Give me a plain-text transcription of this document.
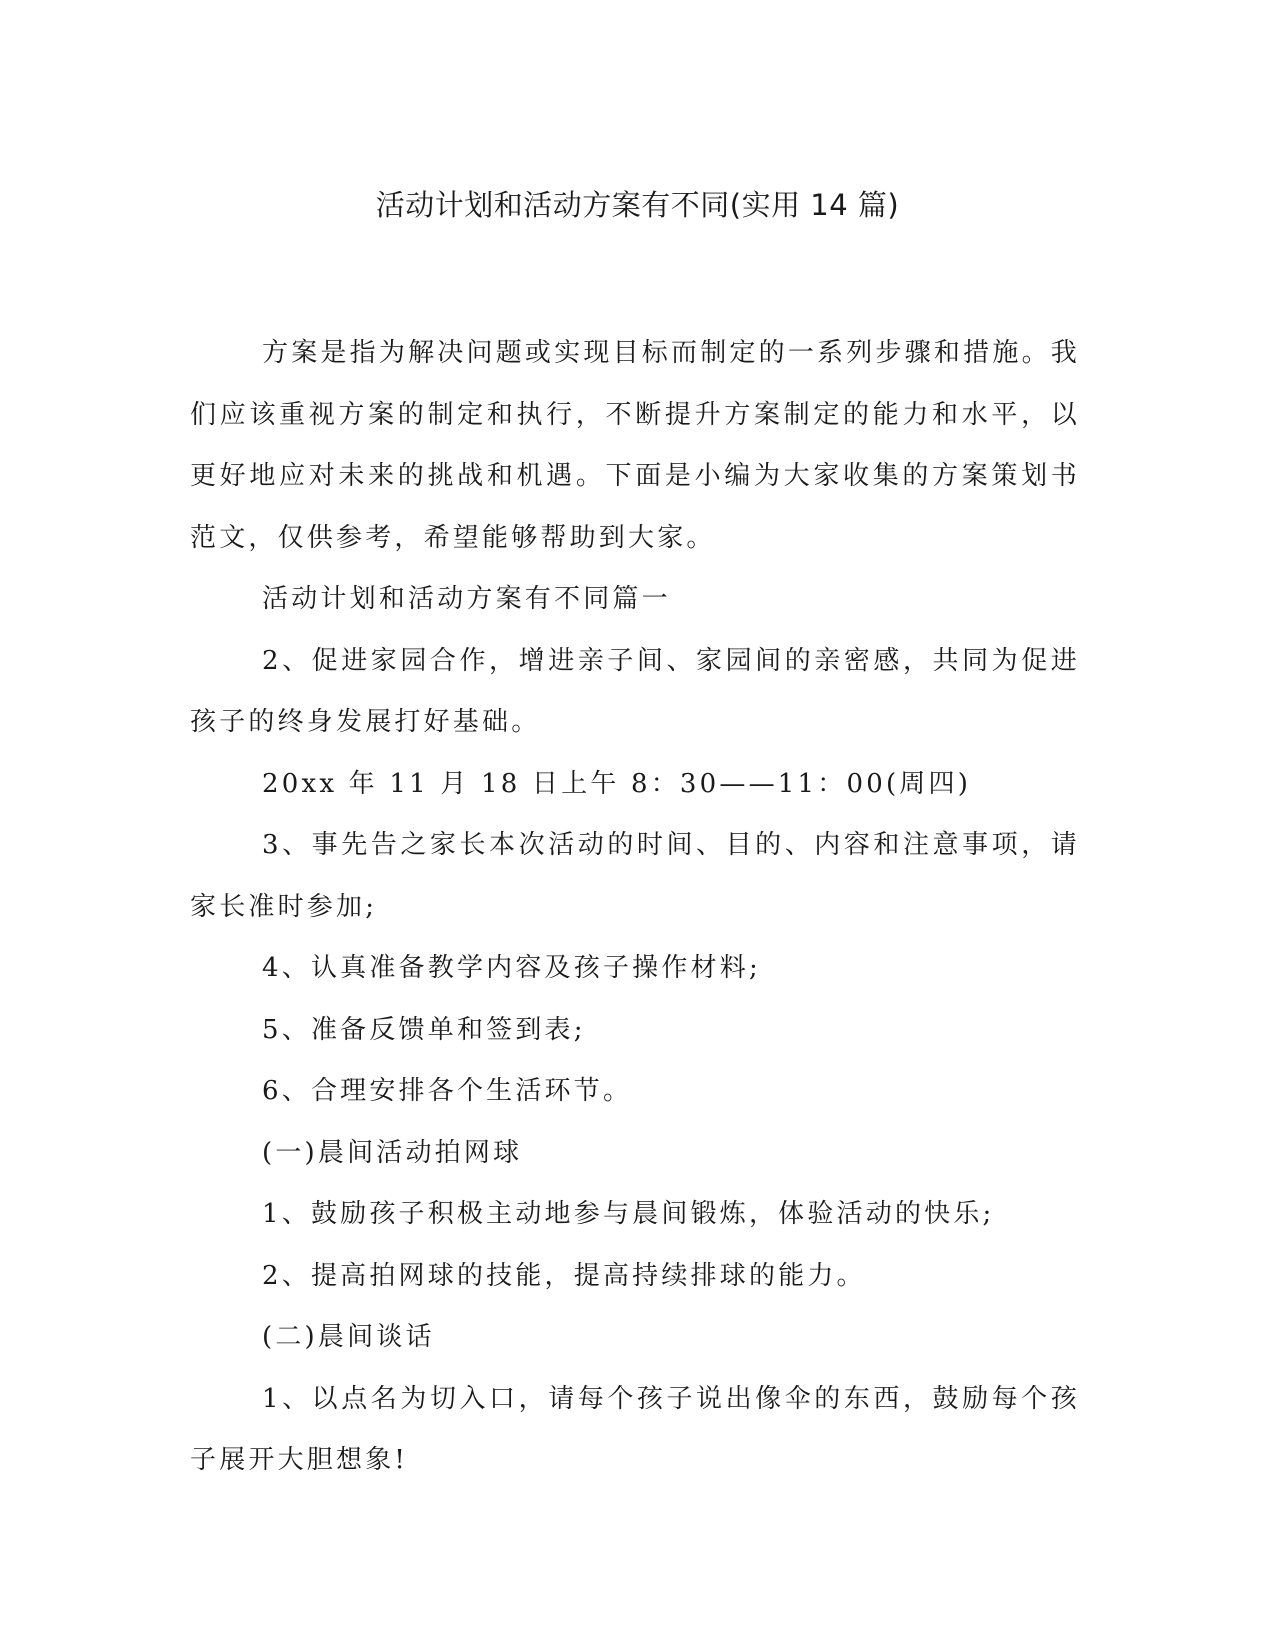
活动计划和活动方案有不同(实用 14 篇)

方案是指为解决问题或实现目标而制定的一系列步骤和措施。我们应该重视方案的制定和执行，不断提升方案制定的能力和水平，以更好地应对未来的挑战和机遇。下面是小编为大家收集的方案策划书范文，仅供参考，希望能够帮助到大家。

活动计划和活动方案有不同篇一

2、促进家园合作，增进亲子间、家园间的亲密感，共同为促进孩子的终身发展打好基础。

20xx 年 11 月 18 日上午 8：30——11：00(周四)

3、事先告之家长本次活动的时间、目的、内容和注意事项，请家长准时参加;

4、认真准备教学内容及孩子操作材料;

5、准备反馈单和签到表;

6、合理安排各个生活环节。

(一)晨间活动拍网球

1、鼓励孩子积极主动地参与晨间锻炼，体验活动的快乐;

2、提高拍网球的技能，提高持续排球的能力。

(二)晨间谈话

1、以点名为切入口，请每个孩子说出像伞的东西，鼓励每个孩子展开大胆想象!
